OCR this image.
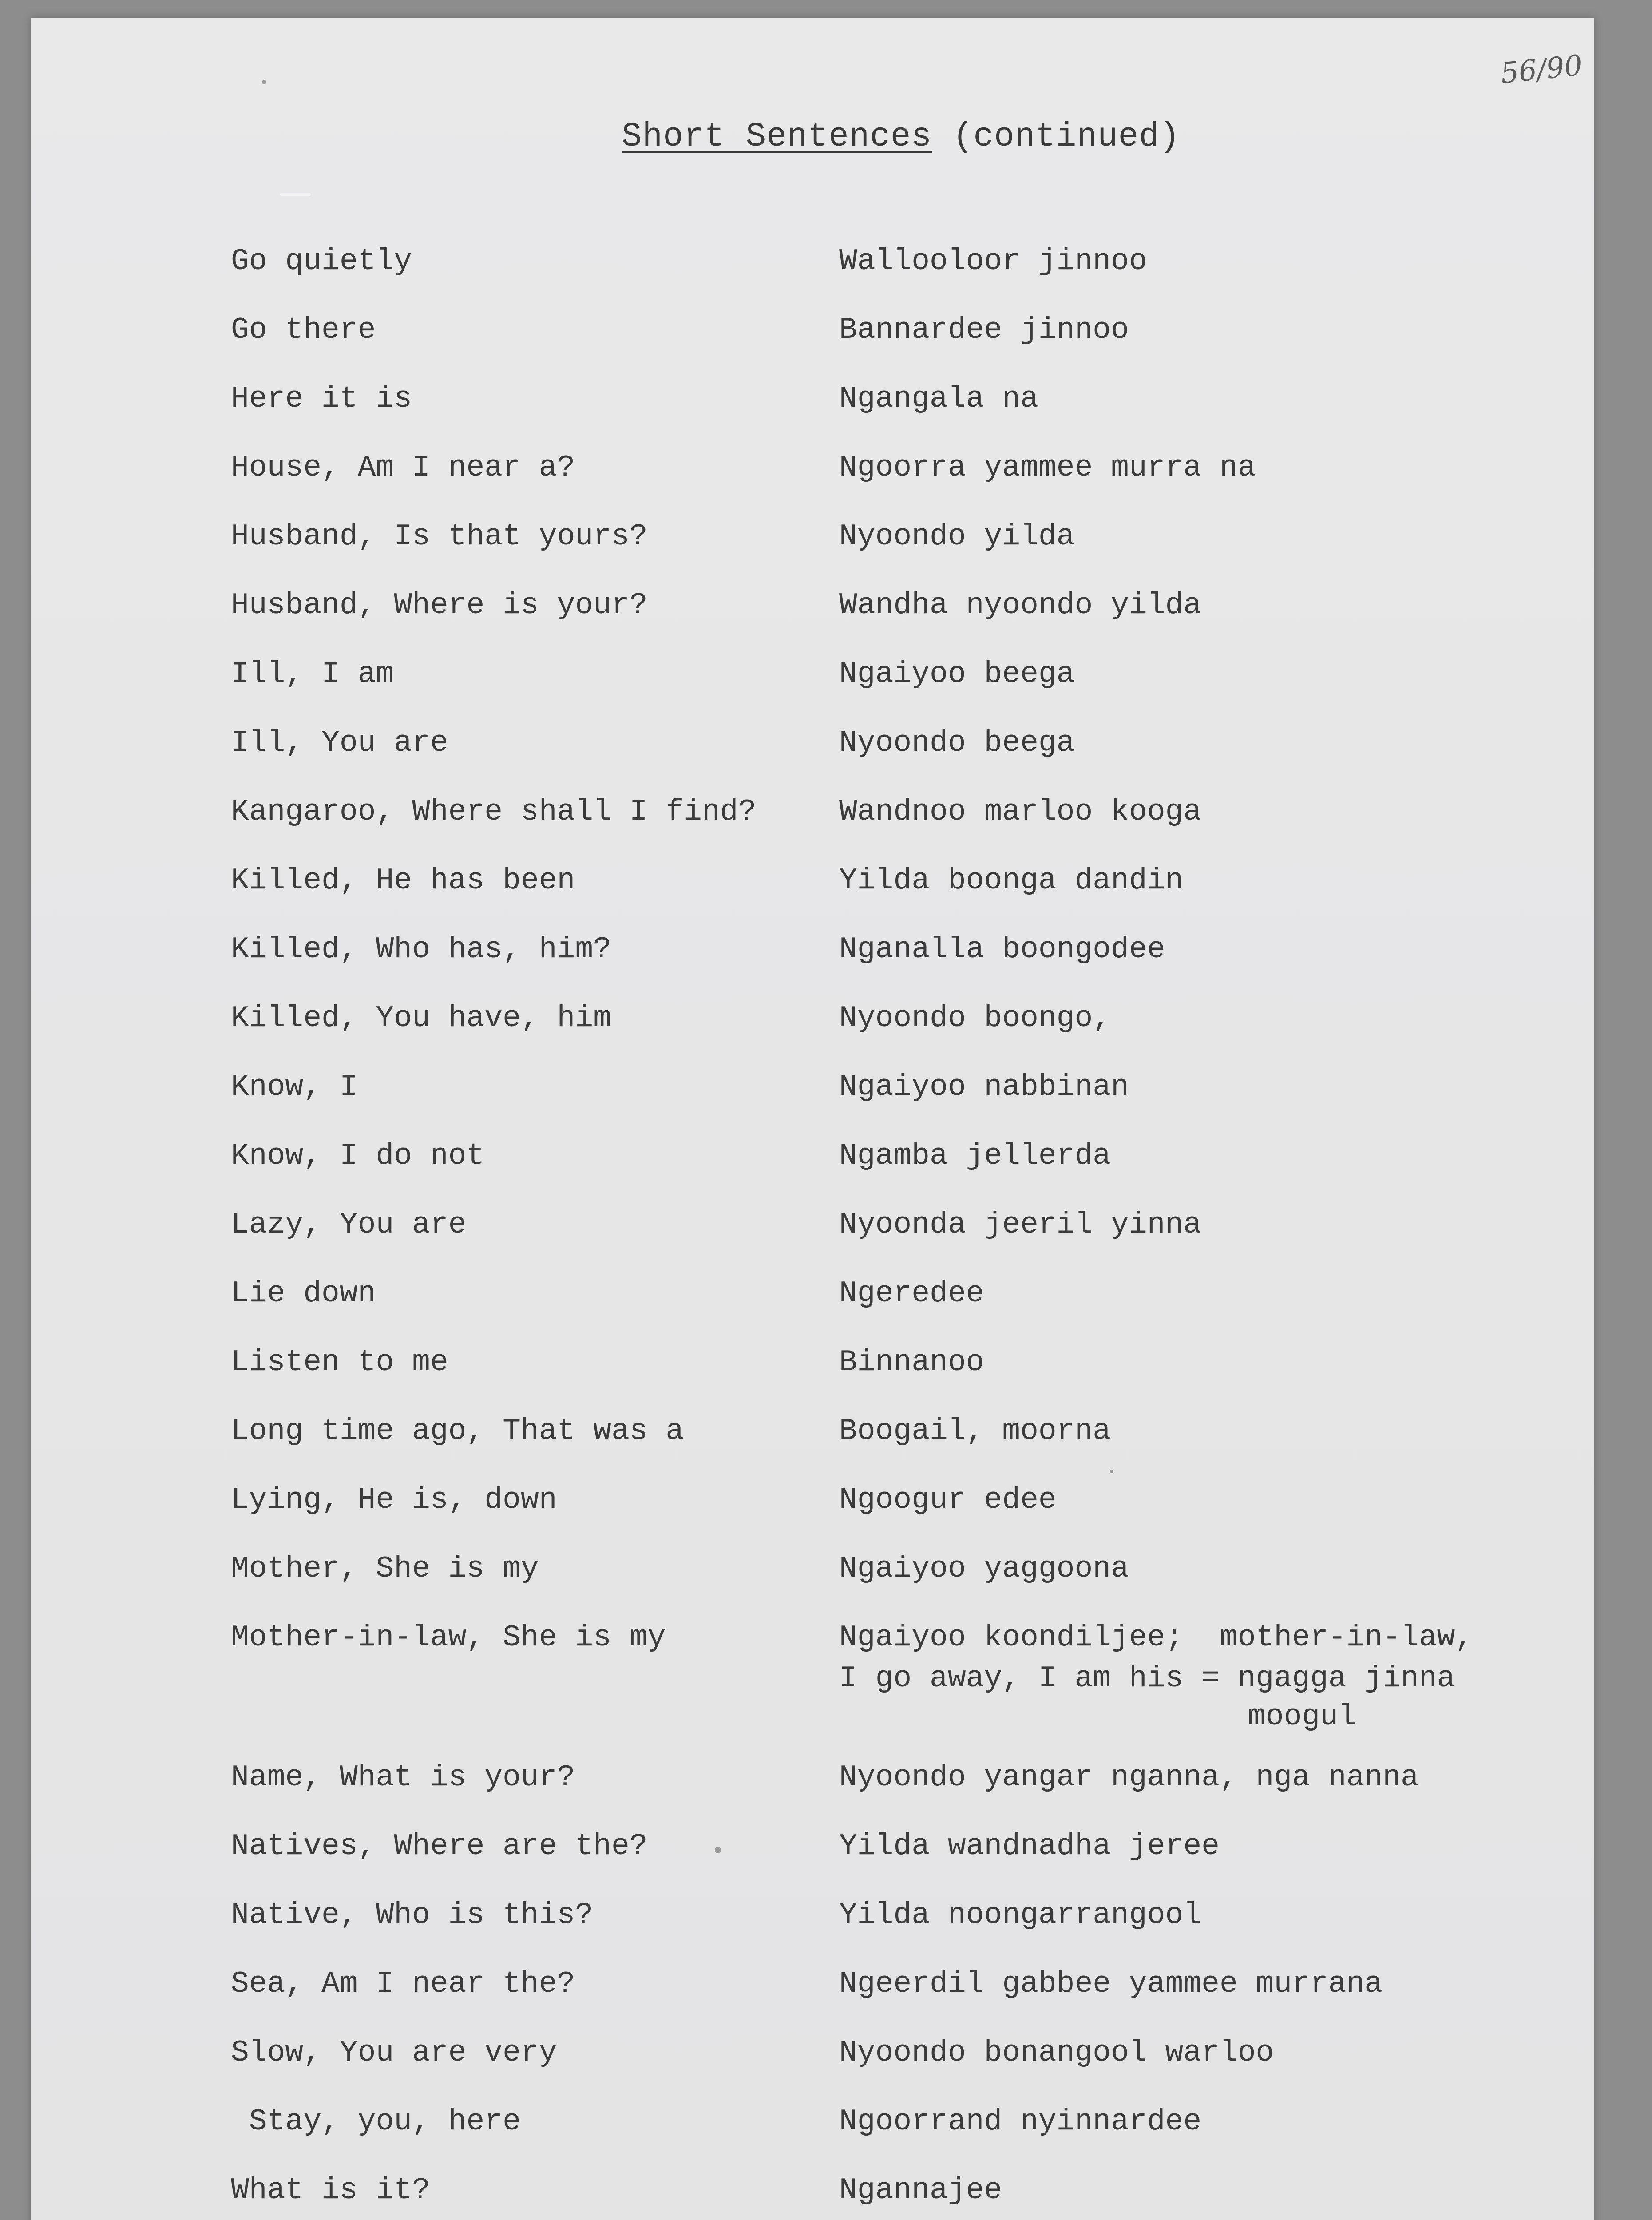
56/90
Short Sentences (continued)
Go quietly	Wallooloor jinnoo
Go there	Bannardee jinnoo
Here it is	Ngangala na
House, Am I near a?	Ngoorra yammee murra na
Husband, Is that yours?	Nyoondo yilda
Husband, Where is your?	Wandha nyoondo yilda
Ill, I am	Ngaiyoo beega
Ill, You are	Nyoondo beega
Kangaroo, Where shall I find?	Wandnoo marloo kooga
Killed, He has been	Yilda boonga dandin
Killed, Who has, him?	Nganalla boongodee
Killed, You have, him	Nyoondo boongo,
Know, I	Ngaiyoo nabbinan
Know, I do not	Ngamba jellerda
Lazy, You are	Nyoonda jeeril yinna
Lie down	Ngeredee
Listen to me	Binnanoo
Long time ago, That was a	Boogail, moorna
Lying, He is, down	Ngoogur edee
Mother, She is my	Ngaiyoo yaggoona
Mother-in-law, She is my	Ngaiyoo koondiljee;  mother-in-law,
I go away, I am his = ngagga jinna
moogul
Name, What is your?	Nyoondo yangar nganna, nga nanna
Natives, Where are the?	Yilda wandnadha jeree
Native, Who is this?	Yilda noongarrangool
Sea, Am I near the?	Ngeerdil gabbee yammee murrana
Slow, You are very	Nyoondo bonangool warloo
Stay, you, here	Ngoorrand nyinnardee
What is it?	Ngannajee
